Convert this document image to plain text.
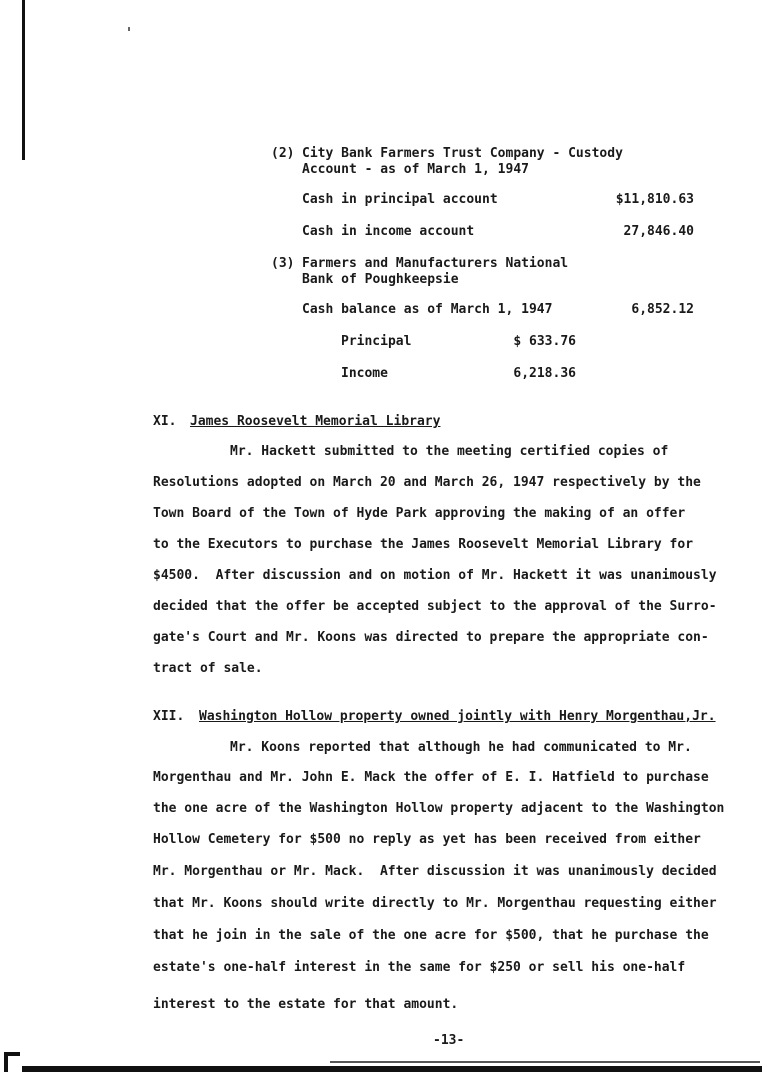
(2) City Bank Farmers Trust Company - Custody
Account - as of March 1, 1947
Cash in principal account	$11,810.63
Cash in income account	27,846.40
(3) Farmers and Manufacturers National
Bank of Poughkeepsie
Cash balance as of March 1, 1947	6,852.12
Principal	$ 633.76
Income	6,218.36
XI. James Roosevelt Memorial Library
Mr. Hackett submitted to the meeting certified copies of
Resolutions adopted on March 20 and March 26, 1947 respectively by the
Town Board of the Town of Hyde Park approving the making of an offer
to the Executors to purchase the James Roosevelt Memorial Library for
$4500.  After discussion and on motion of Mr. Hackett it was unanimously
decided that the offer be accepted subject to the approval of the Surro-
gate's Court and Mr. Koons was directed to prepare the appropriate con-
tract of sale.
XII. Washington Hollow property owned jointly with Henry Morgenthau,Jr.
Mr. Koons reported that although he had communicated to Mr.
Morgenthau and Mr. John E. Mack the offer of E. I. Hatfield to purchase
the one acre of the Washington Hollow property adjacent to the Washington
Hollow Cemetery for $500 no reply as yet has been received from either
Mr. Morgenthau or Mr. Mack.  After discussion it was unanimously decided
that Mr. Koons should write directly to Mr. Morgenthau requesting either
that he join in the sale of the one acre for $500, that he purchase the
estate's one-half interest in the same for $250 or sell his one-half
interest to the estate for that amount.
-13-
